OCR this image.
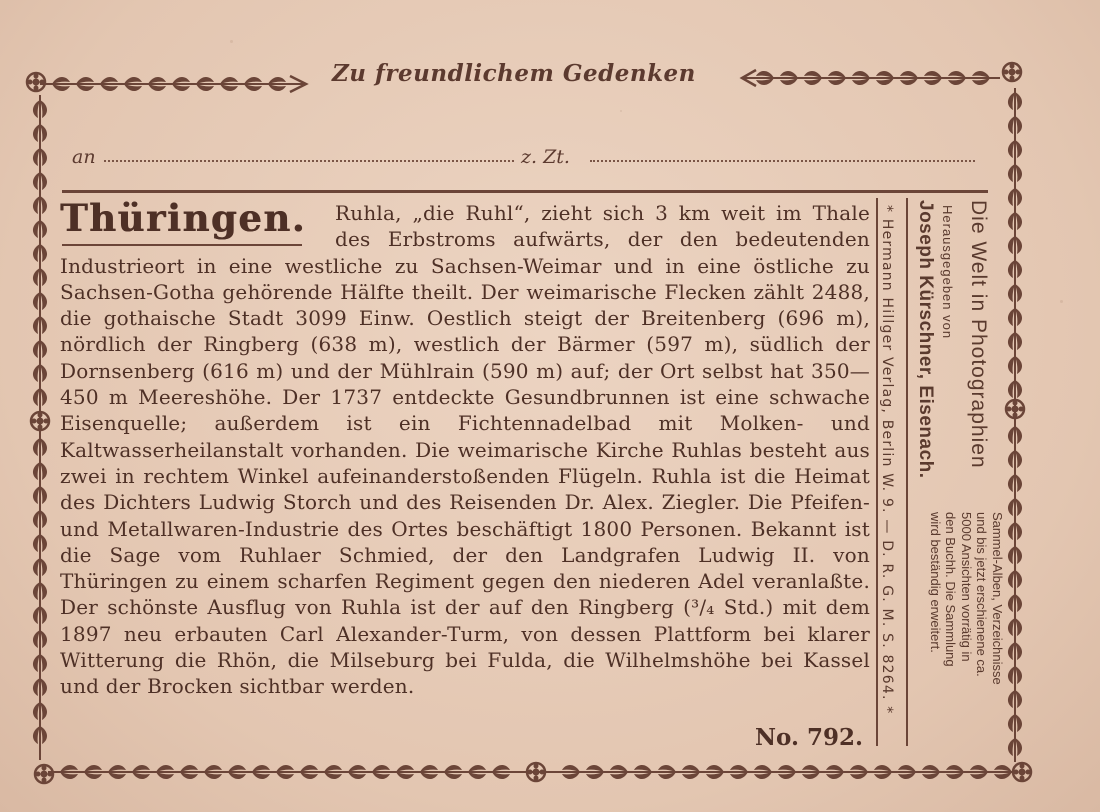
Zu freundlichem Gedenken
an	z. Zt.
Thüringen.	Ruhla, „die Ruhl“, zieht sich 3 km weit im Thale des Erbstroms aufwärts, der den bedeutenden Industrieort in eine westliche zu Sachsen-Weimar und in eine östliche zu Sachsen-Gotha gehörende Hälfte theilt. Der weimarische Flecken zählt 2488, die gothaische Stadt 3099 Einw. Oestlich steigt der Breitenberg (696 m), nördlich der Ringberg (638 m), westlich der Bärmer (597 m), südlich der Dornsenberg (616 m) und der Mühlrain (590 m) auf; der Ort selbst hat 350—450 m Meereshöhe. Der 1737 entdeckte Gesundbrunnen ist eine schwache Eisenquelle; außerdem ist ein Fichtennadelbad mit Molken- und Kaltwasserheilanstalt vorhanden. Die weimarische Kirche Ruhlas besteht aus zwei in rechtem Winkel aufeinanderstoßenden Flügeln. Ruhla ist die Heimat des Dichters Ludwig Storch und des Reisenden Dr. Alex. Ziegler. Die Pfeifen- und Metallwaren-Industrie des Ortes beschäftigt 1800 Personen. Bekannt ist die Sage vom Ruhlaer Schmied, der den Landgrafen Ludwig II. von Thüringen zu einem scharfen Regiment gegen den niederen Adel veranlaßte. Der schönste Ausflug von Ruhla ist der auf den Ringberg (³/₄ Std.) mit dem 1897 neu erbauten Carl Alexander-Turm, von dessen Plattform bei klarer Witterung die Rhön, die Milseburg bei Fulda, die Wilhelmshöhe bei Kassel und der Brocken sichtbar werden.
No. 792.
* Hermann Hillger Verlag, Berlin W. 9. — D. R. G. M. S. 8264. * Joseph Kürschner, Eisenach. Herausgegeben von Die Welt in Photographien
Sammel-Alben, Verzeichnisse
und bis jetzt erschienene ca.
5000 Ansichten vorrätig in
den Buchh. Die Sammlung
wird beständig erweitert.
